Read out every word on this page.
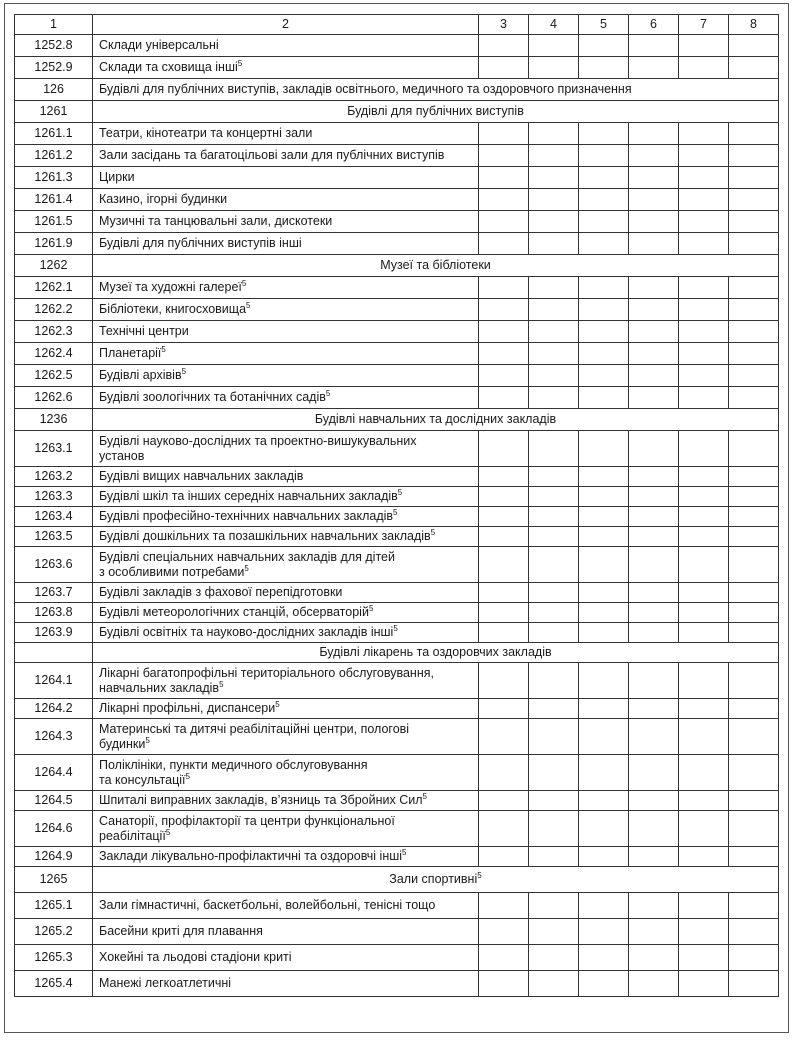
1	2	3	4	5	6	7	8
1252.8	Склади універсальні						
1252.9	Склади та сховища інші$^5$						
126	Будівлі для публічних виступів, закладів освітнього, медичного та оздоровчого призначення						
1261	Будівлі для публічних виступів						
1261.1	Театри, кінотеатри та концертні зали						
1261.2	Зали засідань та багатоцільові зали для публічних виступів						
1261.3	Цирки						
1261.4	Казино, ігорні будинки						
1261.5	Музичні та танцювальні зали, дискотеки						
1261.9	Будівлі для публічних виступів інші						
1262	Музеї та бібліотеки						
1262.1	Музеї та художні галереї$^5$						
1262.2	Бібліотеки, книгосховища$^5$						
1262.3	Технічні центри						
1262.4	Планетарії$^5$						
1262.5	Будівлі архівів$^5$						
1262.6	Будівлі зоологічних та ботанічних садів$^5$						
1236	Будівлі навчальних та дослідних закладів						
1263.1	Будівлі науково-дослідних та проектно-вишукувальних
установ						
1263.2	Будівлі вищих навчальних закладів						
1263.3	Будівлі шкіл та інших середніх навчальних закладів$^5$						
1263.4	Будівлі професійно-технічних навчальних закладів$^5$						
1263.5	Будівлі дошкільних та позашкільних навчальних закладів$^5$						
1263.6	Будівлі спеціальних навчальних закладів для дітей
з особливими потребами$^5$						
1263.7	Будівлі закладів з фахової перепідготовки						
1263.8	Будівлі метеорологічних станцій, обсерваторій$^5$						
1263.9	Будівлі освітніх та науково-дослідних закладів інші$^5$						
	Будівлі лікарень та оздоровчих закладів						
1264.1	Лікарні багатопрофільні територіального обслуговування,
навчальних закладів$^5$						
1264.2	Лікарні профільні, диспансери$^5$						
1264.3	Материнські та дитячі реабілітаційні центри, пологові
будинки$^5$						
1264.4	Поліклініки, пункти медичного обслуговування
та консультації$^5$						
1264.5	Шпиталі виправних закладів, в’язниць та Збройних Сил$^5$						
1264.6	Санаторії, профілакторії та центри функціональної
реабілітації$^5$						
1264.9	Заклади лікувально-профілактичні та оздоровчі інші$^5$						
1265	Зали спортивні$^5$
1265.1	Зали гімнастичні, баскетбольні, волейбольні, тенісні тощо						
1265.2	Басейни криті для плавання						
1265.3	Хокейні та льодові стадіони криті						
1265.4	Манежі легкоатлетичні						
